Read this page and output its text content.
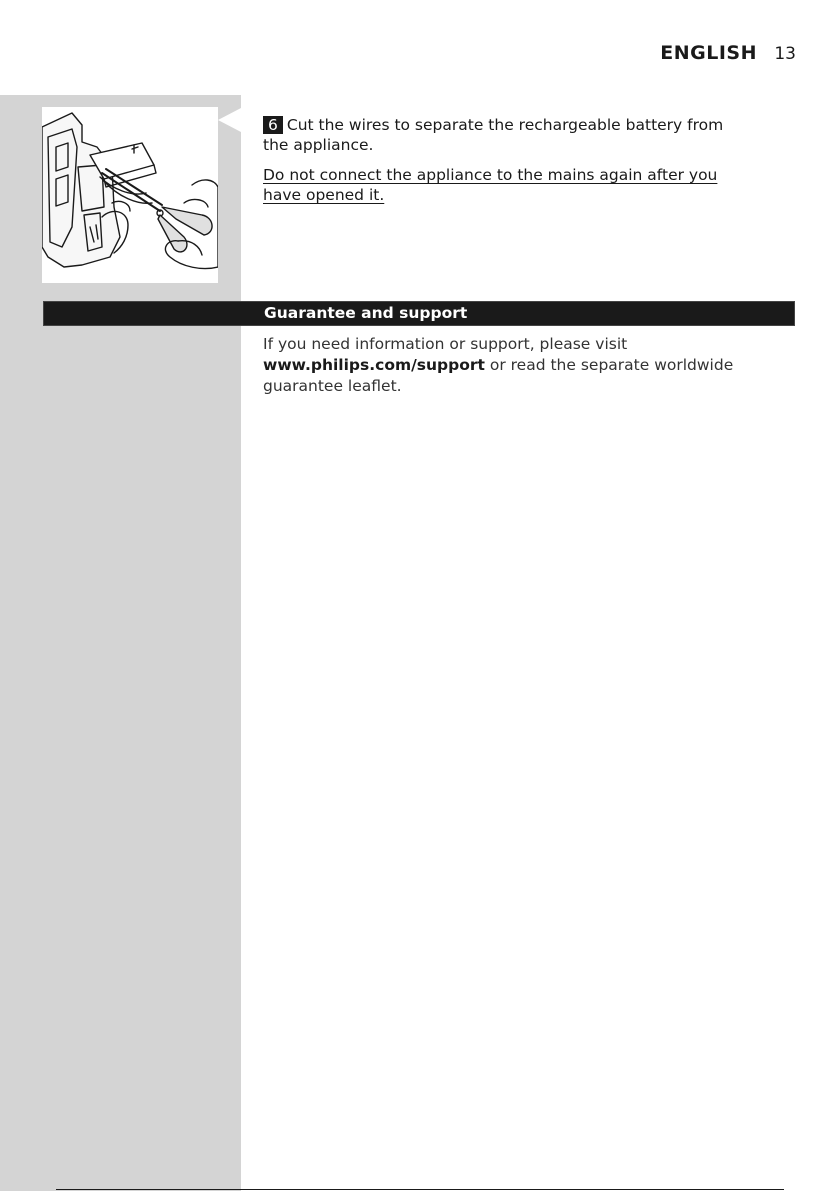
ENGLISH 13
6 Cut the wires to separate the rechargeable battery from the appliance.
Do not connect the appliance to the mains again after you have opened it.
Guarantee and support
If you need information or support, please visit www.philips.com/support or read the separate worldwide guarantee leaflet.
